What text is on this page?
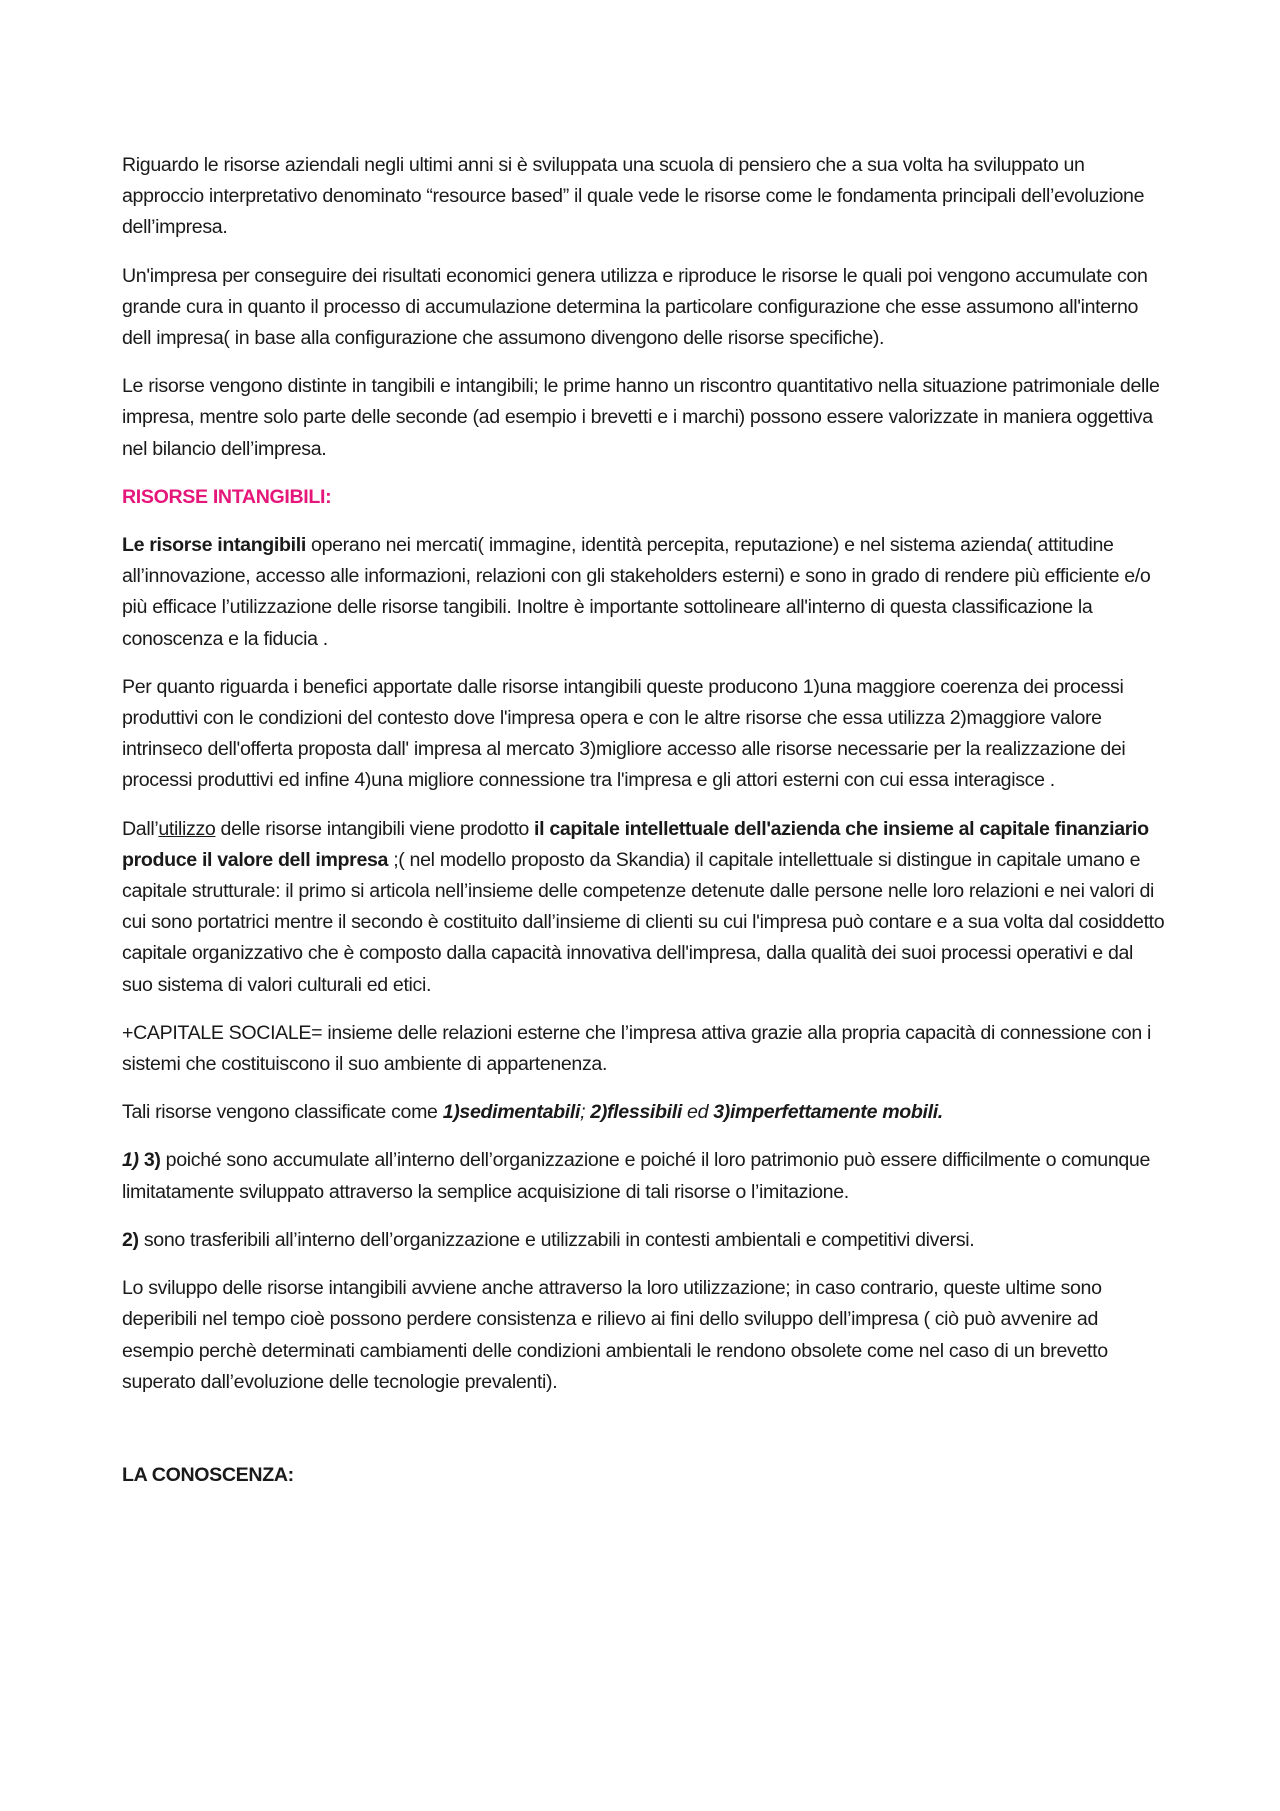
Riguardo le risorse aziendali negli ultimi anni si è sviluppata una scuola di pensiero che a sua volta ha sviluppato un approccio interpretativo denominato “resource based” il quale vede le risorse come le fondamenta principali dell’evoluzione dell’impresa.

Un'impresa per conseguire dei risultati economici genera utilizza e riproduce le risorse le quali poi vengono accumulate con grande cura in quanto il processo di accumulazione determina la particolare configurazione che esse assumono all'interno dell impresa( in base alla configurazione che assumono divengono delle risorse specifiche).

Le risorse vengono distinte in tangibili e intangibili; le prime hanno un riscontro quantitativo nella situazione patrimoniale delle impresa, mentre solo parte delle seconde (ad esempio i brevetti e i marchi) possono essere valorizzate in maniera oggettiva nel bilancio dell’impresa.

RISORSE INTANGIBILI:

Le risorse intangibili operano nei mercati( immagine, identità percepita, reputazione) e nel sistema azienda( attitudine all’innovazione, accesso alle informazioni, relazioni con gli stakeholders esterni) e sono in grado di rendere più efficiente e/o più efficace l’utilizzazione delle risorse tangibili. Inoltre è importante sottolineare all'interno di questa classificazione la conoscenza e la fiducia .

Per quanto riguarda i benefici apportate dalle risorse intangibili queste producono 1)una maggiore coerenza dei processi produttivi con le condizioni del contesto dove l'impresa opera e con le altre risorse che essa utilizza 2)maggiore valore intrinseco dell'offerta proposta dall' impresa al mercato 3)migliore accesso alle risorse necessarie per la realizzazione dei processi produttivi ed infine 4)una migliore connessione tra l'impresa e gli attori esterni con cui essa interagisce .

Dall’utilizzo delle risorse intangibili viene prodotto il capitale intellettuale dell'azienda che insieme al capitale finanziario produce il valore dell impresa ;( nel modello proposto da Skandia) il capitale intellettuale si distingue in capitale umano e capitale strutturale: il primo si articola nell’insieme delle competenze detenute dalle persone nelle loro relazioni e nei valori di cui sono portatrici mentre il secondo è costituito dall’insieme di clienti su cui l'impresa può contare e a sua volta dal cosiddetto capitale organizzativo che è composto dalla capacità innovativa dell'impresa, dalla qualità dei suoi processi operativi e dal suo sistema di valori culturali ed etici.

+CAPITALE SOCIALE= insieme delle relazioni esterne che l’impresa attiva grazie alla propria capacità di connessione con i sistemi che costituiscono il suo ambiente di appartenenza.

Tali risorse vengono classificate come 1)sedimentabili; 2)flessibili ed 3)imperfettamente mobili.

1) 3) poiché sono accumulate all’interno dell’organizzazione e poiché il loro patrimonio può essere difficilmente o comunque limitatamente sviluppato attraverso la semplice acquisizione di tali risorse o l’imitazione.

2) sono trasferibili all’interno dell’organizzazione e utilizzabili in contesti ambientali e competitivi diversi.

Lo sviluppo delle risorse intangibili avviene anche attraverso la loro utilizzazione; in caso contrario, queste ultime sono deperibili nel tempo cioè possono perdere consistenza e rilievo ai fini dello sviluppo dell’impresa ( ciò può avvenire ad esempio perchè determinati cambiamenti delle condizioni ambientali le rendono obsolete come nel caso di un brevetto superato dall’evoluzione delle tecnologie prevalenti).

LA CONOSCENZA:
